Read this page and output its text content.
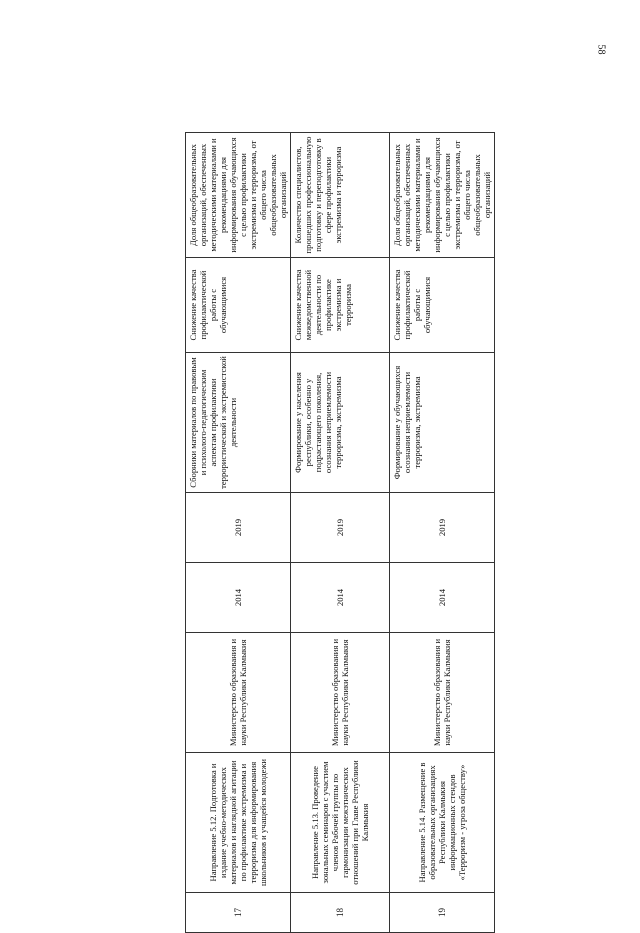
58
17	Направление 5.12. Подготовка и издание учебно-методических материалов и наглядной агитации по профилактике экстремизма и терроризма для информирования школьников и учащейся молодежи	Министерство образования и науки Республики Калмыкия	2014	2019	Сборники материалов по правовым и психолого-педагогическим аспектам профилактики террористической и экстремистской деятельности	Снижение качества профилактической работы с обучающимися	Доля общеобразовательных организаций, обеспеченных методическими материалами и рекомендациями для информирования обучающихся с целью профилактики экстремизма и терроризма, от общего числа общеобразовательных организаций
18	Направление 5.13. Проведение зональных семинаров с участием членов Рабочей группы по гармонизации межэтнических отношений при Главе Республики Калмыкия	Министерство образования и науки Республики Калмыкия	2014	2019	Формирование у населения республики, особенно у подрастающего поколения, осознания неприемлемости терроризма, экстремизма	Снижение качества межведомственной деятельности по профилактике экстремизма и терроризма	Количество специалистов, прошедших профессиональную подготовку и переподготовку в сфере профилактики экстремизма и терроризма
19	Направление 5.14. Размещение в образовательных организациях Республики Калмыкия информационных стендов «Терроризм - угроза обществу»	Министерство образования и науки Республики Калмыкия	2014	2019	Формирование у обучающихся осознания неприемлемости терроризма, экстремизма	Снижение качества профилактической работы с обучающимися	Доля общеобразовательных организаций, обеспеченных методическими материалами и рекомендациями для информирования обучающихся с целью профилактики экстремизма и терроризма, от общего числа общеобразовательных организаций
